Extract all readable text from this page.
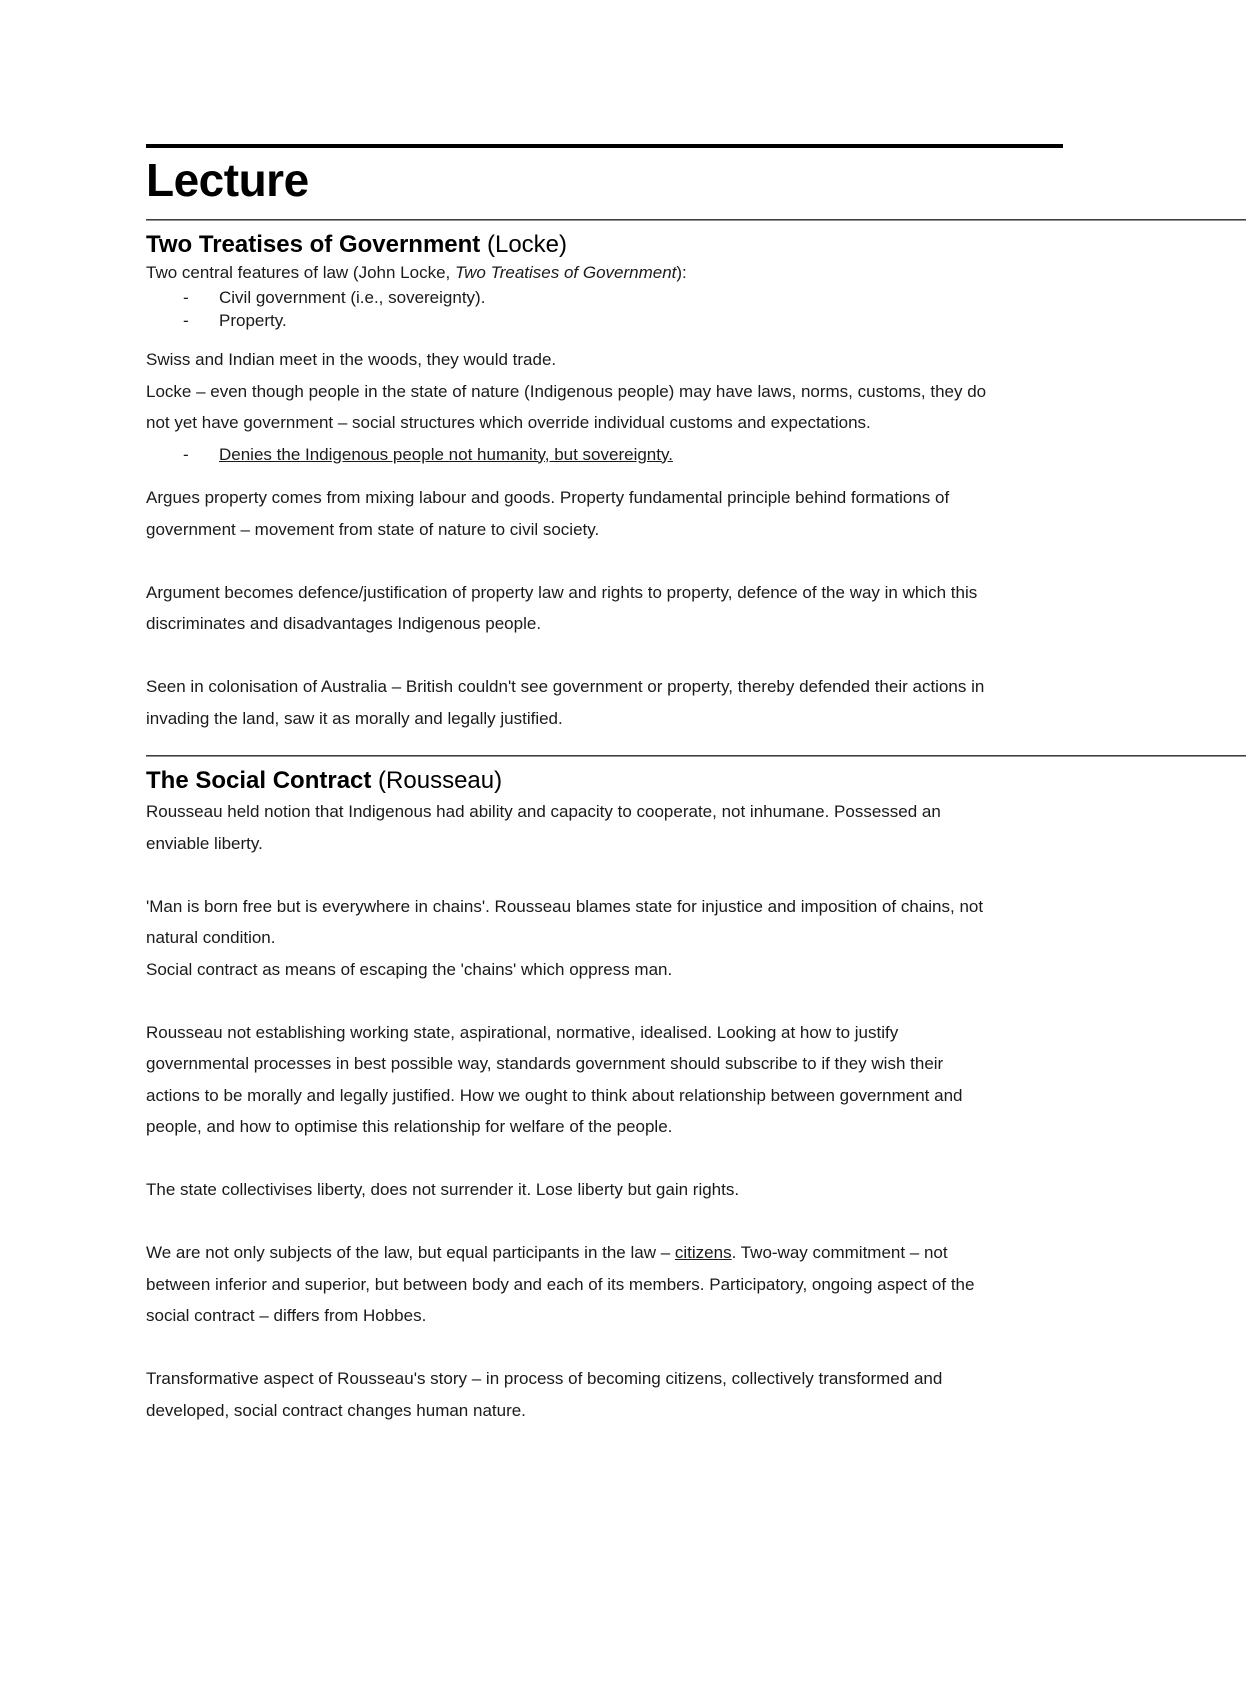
Lecture
———————————————————————————————————————————————————————
Two Treatises of Government (Locke)

Two central features of law (John Locke, Two Treatises of Government):

- Civil government (i.e., sovereignty).
- Property.

Swiss and Indian meet in the woods, they would trade.

Locke – even though people in the state of nature (Indigenous people) may have laws, norms, customs, they do

not yet have government – social structures which override individual customs and expectations.

- Denies the Indigenous people not humanity, but sovereignty.

Argues property comes from mixing labour and goods. Property fundamental principle behind formations of

government – movement from state of nature to civil society.

Argument becomes defence/justification of property law and rights to property, defence of the way in which this

discriminates and disadvantages Indigenous people.

Seen in colonisation of Australia – British couldn't see government or property, thereby defended their actions in

invading the land, saw it as morally and legally justified.

———————————————————————————————————————————————————————
The Social Contract (Rousseau)

Rousseau held notion that Indigenous had ability and capacity to cooperate, not inhumane. Possessed an

enviable liberty.

'Man is born free but is everywhere in chains'. Rousseau blames state for injustice and imposition of chains, not

natural condition.

Social contract as means of escaping the 'chains' which oppress man.

Rousseau not establishing working state, aspirational, normative, idealised. Looking at how to justify

governmental processes in best possible way, standards government should subscribe to if they wish their

actions to be morally and legally justified. How we ought to think about relationship between government and

people, and how to optimise this relationship for welfare of the people.

The state collectivises liberty, does not surrender it. Lose liberty but gain rights.

We are not only subjects of the law, but equal participants in the law – citizens. Two-way commitment – not

between inferior and superior, but between body and each of its members. Participatory, ongoing aspect of the

social contract – differs from Hobbes.

Transformative aspect of Rousseau's story – in process of becoming citizens, collectively transformed and

developed, social contract changes human nature.
